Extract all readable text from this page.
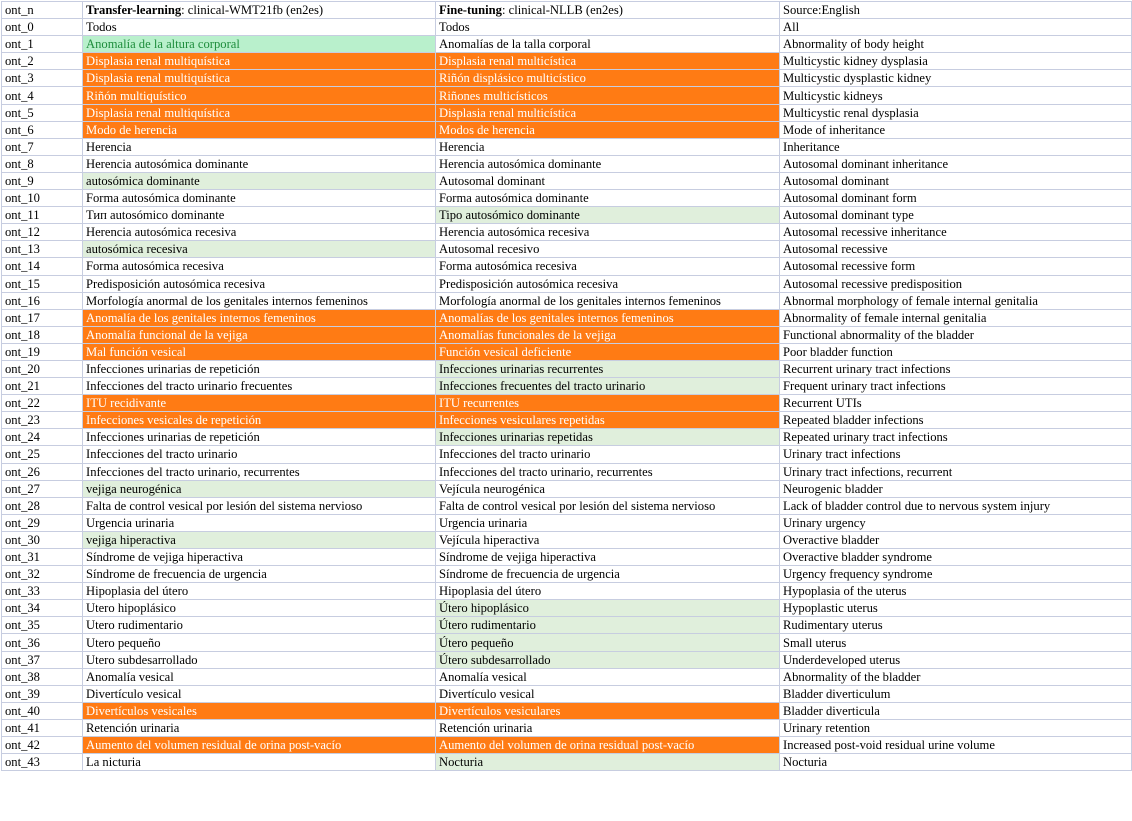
ont_n	Transfer-learning: clinical-WMT21fb (en2es)	Fine-tuning: clinical-NLLB (en2es)	Source:English
ont_0	Todos	Todos	All
ont_1	Anomalía de la altura corporal	Anomalías de la talla corporal	Abnormality of body height
ont_2	Displasia renal multiquística	Displasia renal multicística	Multicystic kidney dysplasia
ont_3	Displasia renal multiquística	Riñón displásico multicístico	Multicystic dysplastic kidney
ont_4	Riñón multiquístico	Riñones multicísticos	Multicystic kidneys
ont_5	Displasia renal multiquística	Displasia renal multicística	Multicystic renal dysplasia
ont_6	Modo de herencia	Modos de herencia	Mode of inheritance
ont_7	Herencia	Herencia	Inheritance
ont_8	Herencia autosómica dominante	Herencia autosómica dominante	Autosomal dominant inheritance
ont_9	autosómica dominante	Autosomal dominant	Autosomal dominant
ont_10	Forma autosómica dominante	Forma autosómica dominante	Autosomal dominant form
ont_11	Тип autosómico dominante	Tipo autosómico dominante	Autosomal dominant type
ont_12	Herencia autosómica recesiva	Herencia autosómica recesiva	Autosomal recessive inheritance
ont_13	autosómica recesiva	Autosomal recesivo	Autosomal recessive
ont_14	Forma autosómica recesiva	Forma autosómica recesiva	Autosomal recessive form
ont_15	Predisposición autosómica recesiva	Predisposición autosómica recesiva	Autosomal recessive predisposition
ont_16	Morfología anormal de los genitales internos femeninos	Morfología anormal de los genitales internos femeninos	Abnormal morphology of female internal genitalia
ont_17	Anomalía de los genitales internos femeninos	Anomalías de los genitales internos femeninos	Abnormality of female internal genitalia
ont_18	Anomalía funcional de la vejiga	Anomalías funcionales de la vejiga	Functional abnormality of the bladder
ont_19	Mal función vesical	Función vesical deficiente	Poor bladder function
ont_20	Infecciones urinarias de repetición	Infecciones urinarias recurrentes	Recurrent urinary tract infections
ont_21	Infecciones del tracto urinario frecuentes	Infecciones frecuentes del tracto urinario	Frequent urinary tract infections
ont_22	ITU recidivante	ITU recurrentes	Recurrent UTIs
ont_23	Infecciones vesicales de repetición	Infecciones vesiculares repetidas	Repeated bladder infections
ont_24	Infecciones urinarias de repetición	Infecciones urinarias repetidas	Repeated urinary tract infections
ont_25	Infecciones del tracto urinario	Infecciones del tracto urinario	Urinary tract infections
ont_26	Infecciones del tracto urinario, recurrentes	Infecciones del tracto urinario, recurrentes	Urinary tract infections, recurrent
ont_27	vejiga neurogénica	Vejícula neurogénica	Neurogenic bladder
ont_28	Falta de control vesical por lesión del sistema nervioso	Falta de control vesical por lesión del sistema nervioso	Lack of bladder control due to nervous system injury
ont_29	Urgencia urinaria	Urgencia urinaria	Urinary urgency
ont_30	vejiga hiperactiva	Vejícula hiperactiva	Overactive bladder
ont_31	Síndrome de vejiga hiperactiva	Síndrome de vejiga hiperactiva	Overactive bladder syndrome
ont_32	Síndrome de frecuencia de urgencia	Síndrome de frecuencia de urgencia	Urgency frequency syndrome
ont_33	Hipoplasia del útero	Hipoplasia del útero	Hypoplasia of the uterus
ont_34	Utero hipoplásico	Útero hipoplásico	Hypoplastic uterus
ont_35	Utero rudimentario	Útero rudimentario	Rudimentary uterus
ont_36	Utero pequeño	Útero pequeño	Small uterus
ont_37	Utero subdesarrollado	Útero subdesarrollado	Underdeveloped uterus
ont_38	Anomalía vesical	Anomalía vesical	Abnormality of the bladder
ont_39	Divertículo vesical	Divertículo vesical	Bladder diverticulum
ont_40	Divertículos vesicales	Divertículos vesiculares	Bladder diverticula
ont_41	Retención urinaria	Retención urinaria	Urinary retention
ont_42	Aumento del volumen residual de orina post-vacío	Aumento del volumen de orina residual post-vacío	Increased post-void residual urine volume
ont_43	La nicturia	Nocturia	Nocturia
